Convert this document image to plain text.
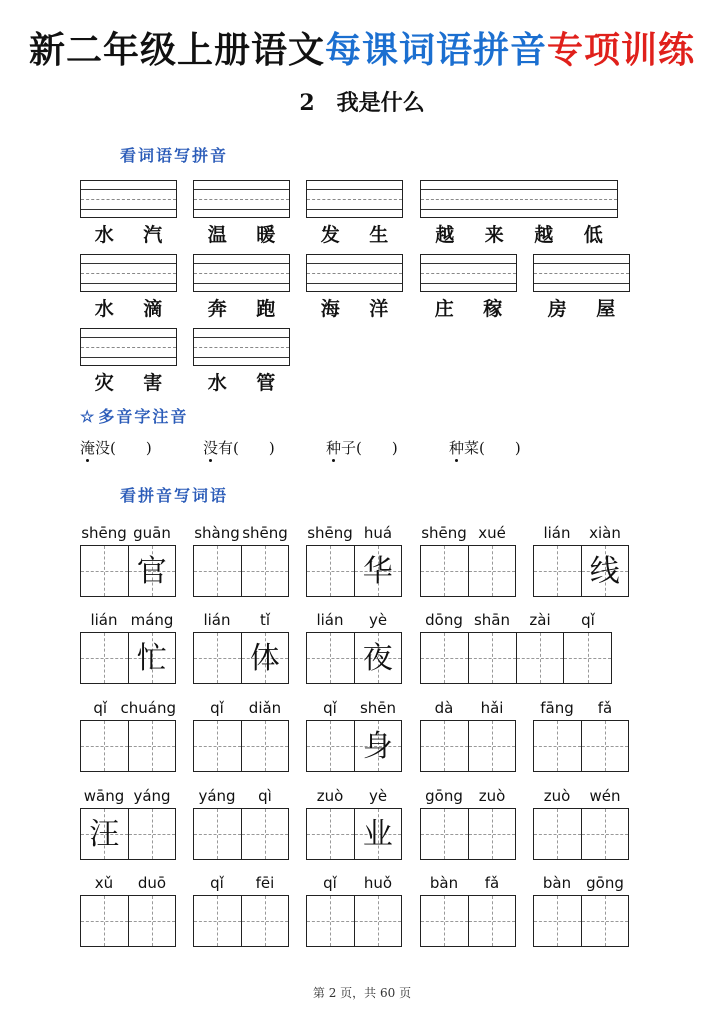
新二年级上册语文每课词语拼音专项训练
2　我是什么
看词语写拼音
水 汽 温 暖 发 生 越 来 越 低
水 滴 奔 跑 海 洋 庄 稼 房 屋
灾 害 水 管
☆ 多音字注音
淹没(　　)	没有(　　)	种子(　　)	种菜(　　)
看拼音写词语
shēng guān
官
shàng shēng shēng huá
华
shēng xué	lián	xiàn
线
lián máng
忙
lián	tǐ
体
lián	yè
夜
dōng shān	zài	qǐ
qǐ chuáng	qǐ	diǎn	qǐ	shēn
身
dà	hǎi	fāng	fǎ
wāng yáng
汪
yáng	qì	zuò	yè
业
gōng	zuò	zuò	wén
xǔ	duō	qǐ	fēi	qǐ	huǒ	bàn	fǎ	bàn	gōng
第 2 页，共 60 页
